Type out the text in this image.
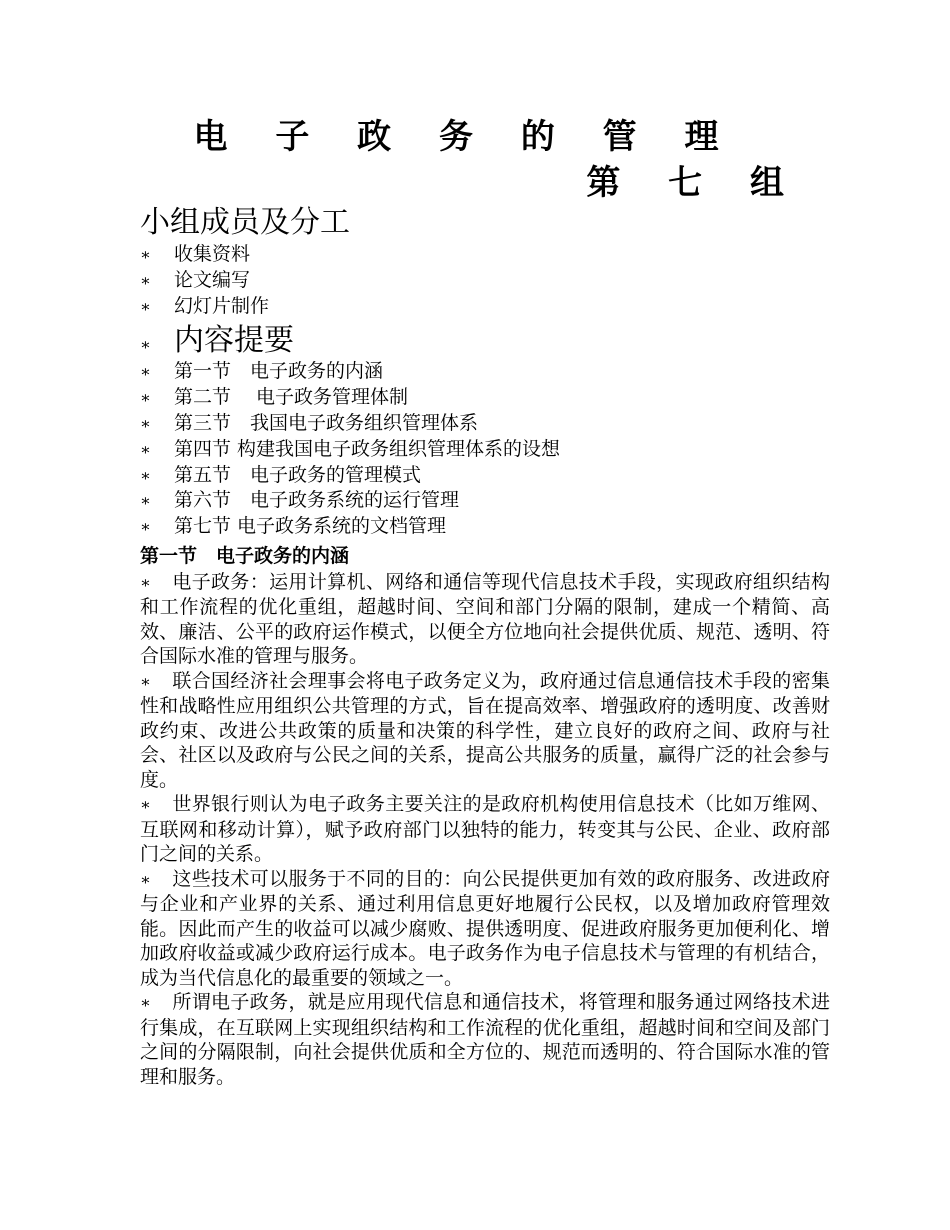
电 子 政 务 的 管 理
第 七 组
小组成员及分工
∗	收集资料
∗	论文编写
∗	幻灯片制作
∗ 内容提要
∗	第一节　电子政务的内涵
∗	第二节　 电子政务管理体制
∗	第三节　我国电子政务组织管理体系
∗	第四节 构建我国电子政务组织管理体系的设想
∗	第五节　电子政务的管理模式
∗	第六节　电子政务系统的运行管理
∗	第七节 电子政务系统的文档管理
第一节　电子政务的内涵

∗ 电子政务：运用计算机、网络和通信等现代信息技术手段，实现政府组织结构和工作流程的优化重组，超越时间、空间和部门分隔的限制，建成一个精简、高效、廉洁、公平的政府运作模式，以便全方位地向社会提供优质、规范、透明、符合国际水准的管理与服务。

∗ 联合国经济社会理事会将电子政务定义为，政府通过信息通信技术手段的密集性和战略性应用组织公共管理的方式，旨在提高效率、增强政府的透明度、改善财政约束、改进公共政策的质量和决策的科学性，建立良好的政府之间、政府与社会、社区以及政府与公民之间的关系，提高公共服务的质量，赢得广泛的社会参与度。

∗ 世界银行则认为电子政务主要关注的是政府机构使用信息技术（比如万维网、互联网和移动计算），赋予政府部门以独特的能力，转变其与公民、企业、政府部门之间的关系。

∗ 这些技术可以服务于不同的目的：向公民提供更加有效的政府服务、改进政府与企业和产业界的关系、通过利用信息更好地履行公民权，以及增加政府管理效能。因此而产生的收益可以减少腐败、提供透明度、促进政府服务更加便利化、增加政府收益或减少政府运行成本。电子政务作为电子信息技术与管理的有机结合，成为当代信息化的最重要的领域之一。

∗ 所谓电子政务，就是应用现代信息和通信技术，将管理和服务通过网络技术进行集成，在互联网上实现组织结构和工作流程的优化重组，超越时间和空间及部门之间的分隔限制，向社会提供优质和全方位的、规范而透明的、符合国际水准的管理和服务。
